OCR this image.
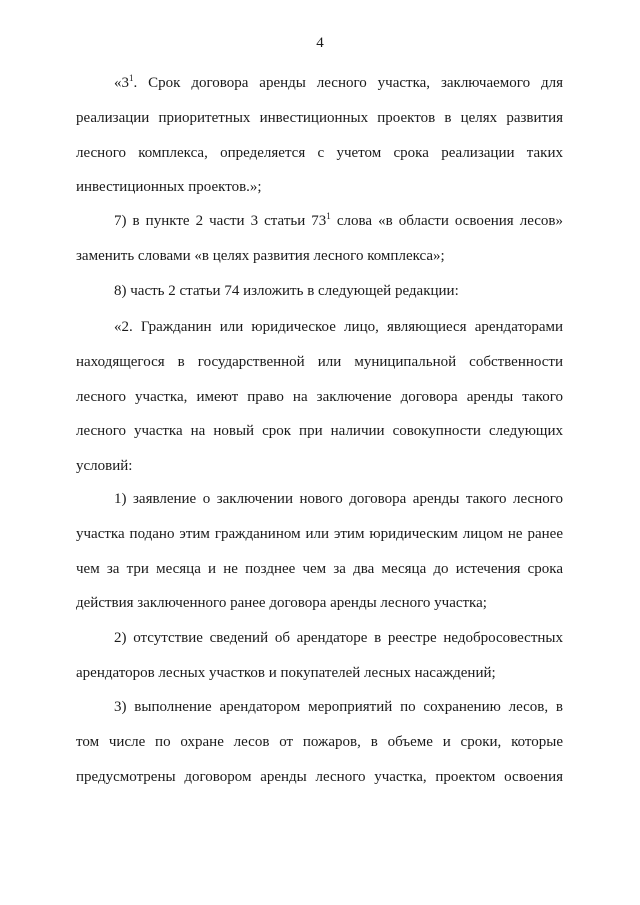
4
«$3^1$. Срок договора аренды лесного участка, заключаемого для
реализации приоритетных инвестиционных проектов в целях развития
лесного комплекса, определяется с учетом срока реализации таких
инвестиционных проектов.»;
7) в пункте 2 части 3 статьи $73^1$ слова «в области освоения лесов»
заменить словами «в целях развития лесного комплекса»;
8) часть 2 статьи 74 изложить в следующей редакции:
«2. Гражданин или юридическое лицо, являющиеся арендаторами
находящегося в государственной или муниципальной собственности
лесного участка, имеют право на заключение договора аренды такого
лесного участка на новый срок при наличии совокупности следующих
условий:
1) заявление о заключении нового договора аренды такого лесного
участка подано этим гражданином или этим юридическим лицом не ранее
чем за три месяца и не позднее чем за два месяца до истечения срока
действия заключенного ранее договора аренды лесного участка;
2) отсутствие сведений об арендаторе в реестре недобросовестных
арендаторов лесных участков и покупателей лесных насаждений;
3) выполнение арендатором мероприятий по сохранению лесов, в
том числе по охране лесов от пожаров, в объеме и сроки, которые
предусмотрены договором аренды лесного участка, проектом освоения
